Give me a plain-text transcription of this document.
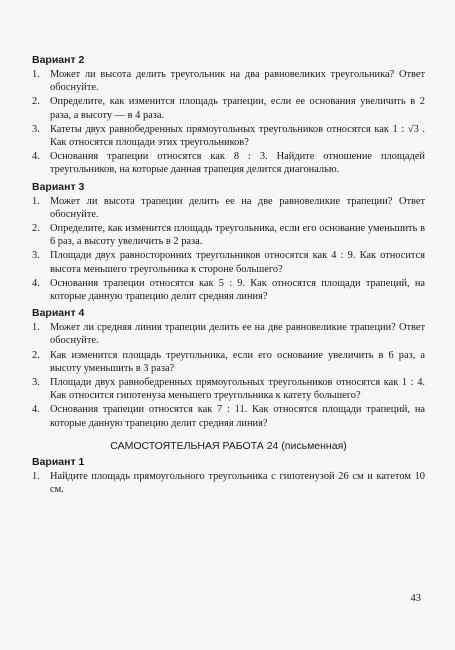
Вариант 2
1. Может ли высота делить треугольник на два равновеликих треугольника? Ответ обоснуйте.
2. Определите, как изменится площадь трапеции, если ее основания увеличить в 2 раза, а высоту — в 4 раза.
3. Катеты двух равнобедренных прямоугольных треугольников относятся как 1 : √3 . Как относятся площади этих треугольников?
4. Основания трапеции относятся как 8 : 3. Найдите отношение площадей треугольников, на которые данная трапеция делится диагональю.
Вариант 3
1. Может ли высота трапеции делить ее на две равновеликие трапеции? Ответ обоснуйте.
2. Определите, как изменится площадь треугольника, если его основание уменьшить в 6 раз, а высоту увеличить в 2 раза.
3. Площади двух равносторонних треугольников относятся как 4 : 9. Как относится высота меньшего треугольника к стороне большего?
4. Основания трапеции относятся как 5 : 9. Как относятся площади трапеций, на которые данную трапецию делит средняя линия?
Вариант 4
1. Может ли средняя линия трапеции делить ее на две равновеликие трапеции? Ответ обоснуйте.
2. Как изменится площадь треугольника, если его основание увеличить в 6 раз, а высоту уменьшить в 3 раза?
3. Площади двух равнобедренных прямоугольных треугольников относятся как 1 : 4. Как относится гипотенуза меньшего треугольника к катету большего?
4. Основания трапеции относятся как 7 : 11. Как относятся площади трапеций, на которые данную трапецию делит средняя линия?
САМОСТОЯТЕЛЬНАЯ РАБОТА 24 (письменная)
Вариант 1
1. Найдите площадь прямоугольного треугольника с гипотенузой 26 см и катетом 10 см.
43
